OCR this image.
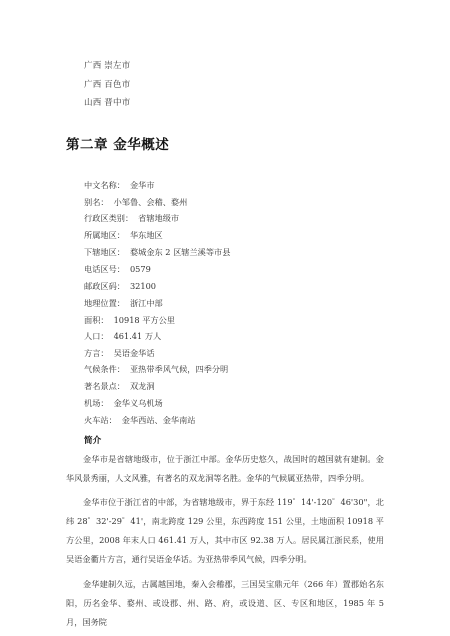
广西 崇左市
广西 百色市
山西 晋中市
第二章 金华概述
中文名称： 金华市
别名： 小邹鲁、会稽、婺州
行政区类别： 省辖地级市
所属地区： 华东地区
下辖地区： 婺城金东 2 区辖兰溪等市县
电话区号： 0579
邮政区码： 32100
地理位置： 浙江中部
面积： 10918 平方公里
人口： 461.41 万人
方言： 吴语金华话
气候条件： 亚热带季风气候，四季分明
著名景点： 双龙洞
机场： 金华义乌机场
火车站： 金华西站、金华南站
简介

金华市是省辖地级市，位于浙江中部。金华历史悠久，战国时的越国就有建制。金华风景秀丽，人文风雅，有著名的双龙洞等名胜。金华的气候属亚热带，四季分明。

金华市位于浙江省的中部，为省辖地级市，界于东经 119゜14'-120゜46'30"，北纬 28゜32'-29゜41'，南北跨度 129 公里，东西跨度 151 公里，土地面积 10918 平方公里，2008 年末人口 461.41 万人，其中市区 92.38 万人。居民属江浙民系，使用吴语金衢片方言，通行吴语金华话。为亚热带季风气候，四季分明。

金华建制久远，古属越国地，秦入会稽郡，三国吴宝鼎元年（266 年）置郡始名东阳，历名金华、婺州、或设郡、州、路、府，或设道、区、专区和地区，1985 年 5 月，国务院
